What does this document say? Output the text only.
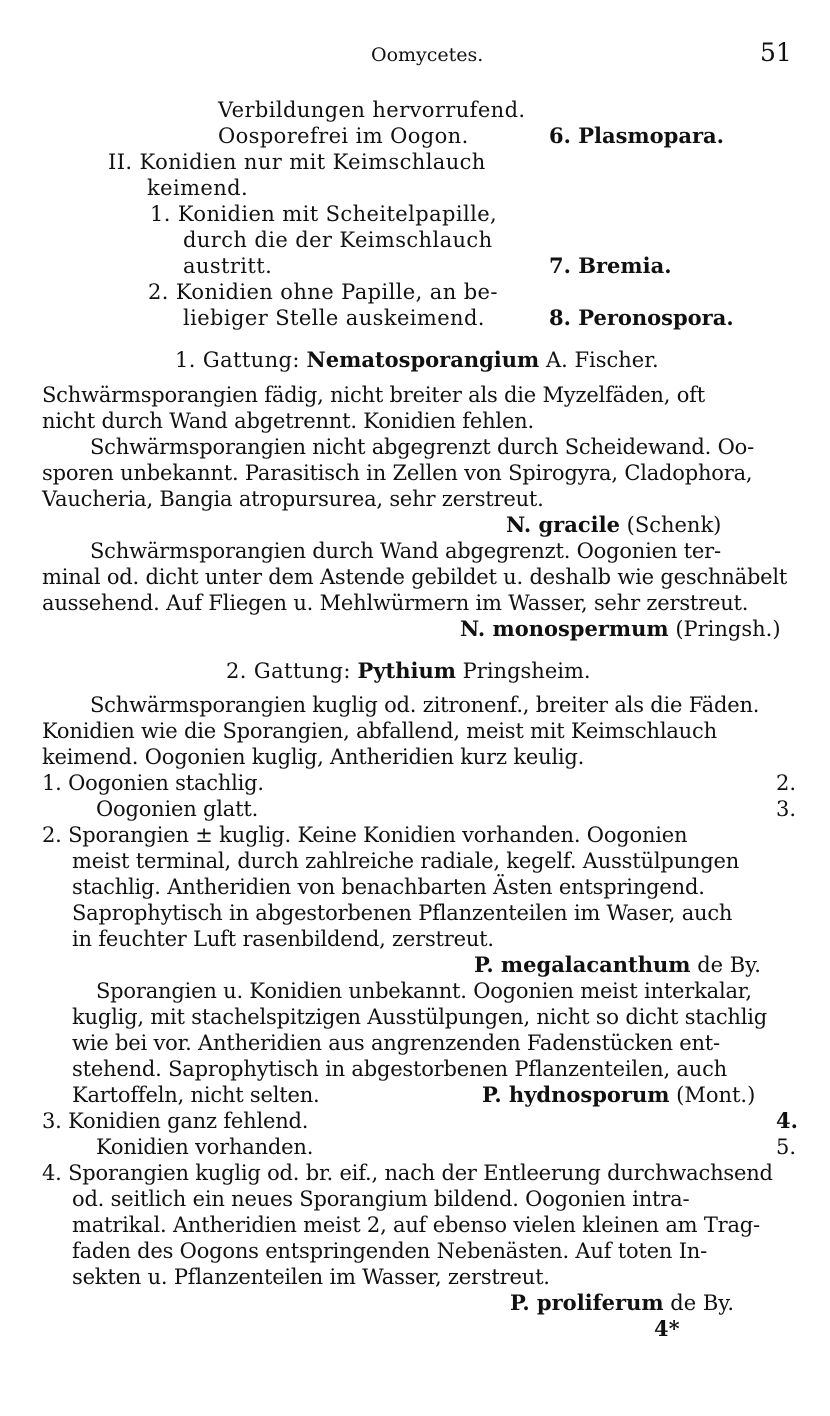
Oomycetes.	51
Verbildungen hervorrufend.
Oosporefrei im Oogon.	6. Plasmopara.
II. Konidien nur mit Keimschlauch
keimend.
1. Konidien mit Scheitelpapille,
durch die der Keimschlauch
austritt.	7. Bremia.
2. Konidien ohne Papille, an be-
liebiger Stelle auskeimend.	8. Peronospora.
1. Gattung: Nematosporangium A. Fischer.
Schwärmsporangien fädig, nicht breiter als die Myzelfäden, oft
nicht durch Wand abgetrennt. Konidien fehlen.
Schwärmsporangien nicht abgegrenzt durch Scheidewand. Oo-
sporen unbekannt. Parasitisch in Zellen von Spirogyra, Cladophora,
Vaucheria, Bangia atropursurea, sehr zerstreut.
N. gracile (Schenk)
Schwärmsporangien durch Wand abgegrenzt. Oogonien ter-
minal od. dicht unter dem Astende gebildet u. deshalb wie geschnäbelt
aussehend. Auf Fliegen u. Mehlwürmern im Wasser, sehr zerstreut.
N. monospermum (Pringsh.)
2. Gattung: Pythium Pringsheim.
Schwärmsporangien kuglig od. zitronenf., breiter als die Fäden.
Konidien wie die Sporangien, abfallend, meist mit Keimschlauch
keimend. Oogonien kuglig, Antheridien kurz keulig.
1. Oogonien stachlig.	2.
Oogonien glatt.	3.
2. Sporangien ± kuglig. Keine Konidien vorhanden. Oogonien
meist terminal, durch zahlreiche radiale, kegelf. Ausstülpungen
stachlig. Antheridien von benachbarten Ästen entspringend.
Saprophytisch in abgestorbenen Pflanzenteilen im Waser, auch
in feuchter Luft rasenbildend, zerstreut.
P. megalacanthum de By.
Sporangien u. Konidien unbekannt. Oogonien meist interkalar,
kuglig, mit stachelspitzigen Ausstülpungen, nicht so dicht stachlig
wie bei vor. Antheridien aus angrenzenden Fadenstücken ent-
stehend. Saprophytisch in abgestorbenen Pflanzenteilen, auch
Kartoffeln, nicht selten.	P. hydnosporum (Mont.)
3. Konidien ganz fehlend.	4.
Konidien vorhanden.	5.
4. Sporangien kuglig od. br. eif., nach der Entleerung durchwachsend
od. seitlich ein neues Sporangium bildend. Oogonien intra-
matrikal. Antheridien meist 2, auf ebenso vielen kleinen am Trag-
faden des Oogons entspringenden Nebenästen. Auf toten In-
sekten u. Pflanzenteilen im Wasser, zerstreut.
P. proliferum de By.
4*
